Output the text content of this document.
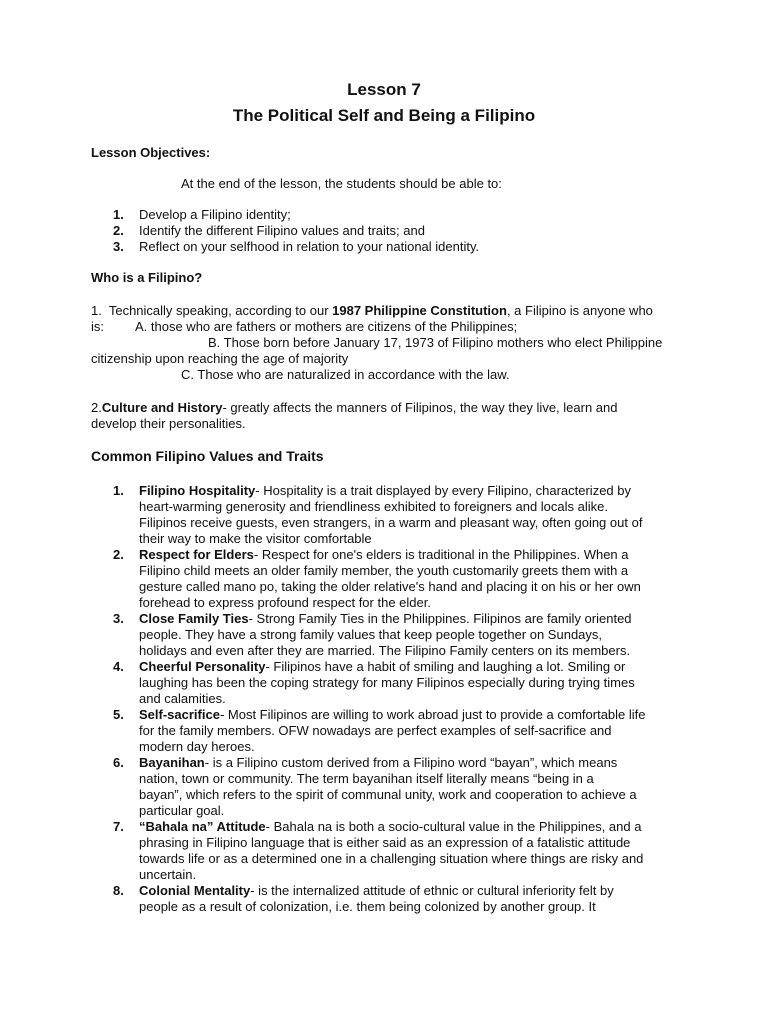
Lesson 7
The Political Self and Being a Filipino
Lesson Objectives:
At the end of the lesson, the students should be able to:
1.	Develop a Filipino identity;
2.	Identify the different Filipino values and traits; and
3.	Reflect on your selfhood in relation to your national identity.
Who is a Filipino?
1. Technically speaking, according to our 1987 Philippine Constitution, a Filipino is anyone who
is: A. those who are fathers or mothers are citizens of the Philippines;
B. Those born before January 17, 1973 of Filipino mothers who elect Philippine
citizenship upon reaching the age of majority
C. Those who are naturalized in accordance with the law.
2.Culture and History- greatly affects the manners of Filipinos, the way they live, learn and
develop their personalities.
Common Filipino Values and Traits
1.	Filipino Hospitality- Hospitality is a trait displayed by every Filipino, characterized by
heart-warming generosity and friendliness exhibited to foreigners and locals alike.
Filipinos receive guests, even strangers, in a warm and pleasant way, often going out of
their way to make the visitor comfortable
2.	Respect for Elders- Respect for one's elders is traditional in the Philippines. When a
Filipino child meets an older family member, the youth customarily greets them with a
gesture called mano po, taking the older relative's hand and placing it on his or her own
forehead to express profound respect for the elder.
3.	Close Family Ties- Strong Family Ties in the Philippines. Filipinos are family oriented
people. They have a strong family values that keep people together on Sundays,
holidays and even after they are married. The Filipino Family centers on its members.
4.	Cheerful Personality- Filipinos have a habit of smiling and laughing a lot. Smiling or
laughing has been the coping strategy for many Filipinos especially during trying times
and calamities.
5.	Self-sacrifice- Most Filipinos are willing to work abroad just to provide a comfortable life
for the family members. OFW nowadays are perfect examples of self-sacrifice and
modern day heroes.
6.	Bayanihan- is a Filipino custom derived from a Filipino word “bayan”, which means
nation, town or community. The term bayanihan itself literally means “being in a
bayan”, which refers to the spirit of communal unity, work and cooperation to achieve a
particular goal.
7.	“Bahala na” Attitude- Bahala na is both a socio-cultural value in the Philippines, and a
phrasing in Filipino language that is either said as an expression of a fatalistic attitude
towards life or as a determined one in a challenging situation where things are risky and
uncertain.
8.	Colonial Mentality- is the internalized attitude of ethnic or cultural inferiority felt by
people as a result of colonization, i.e. them being colonized by another group. It
